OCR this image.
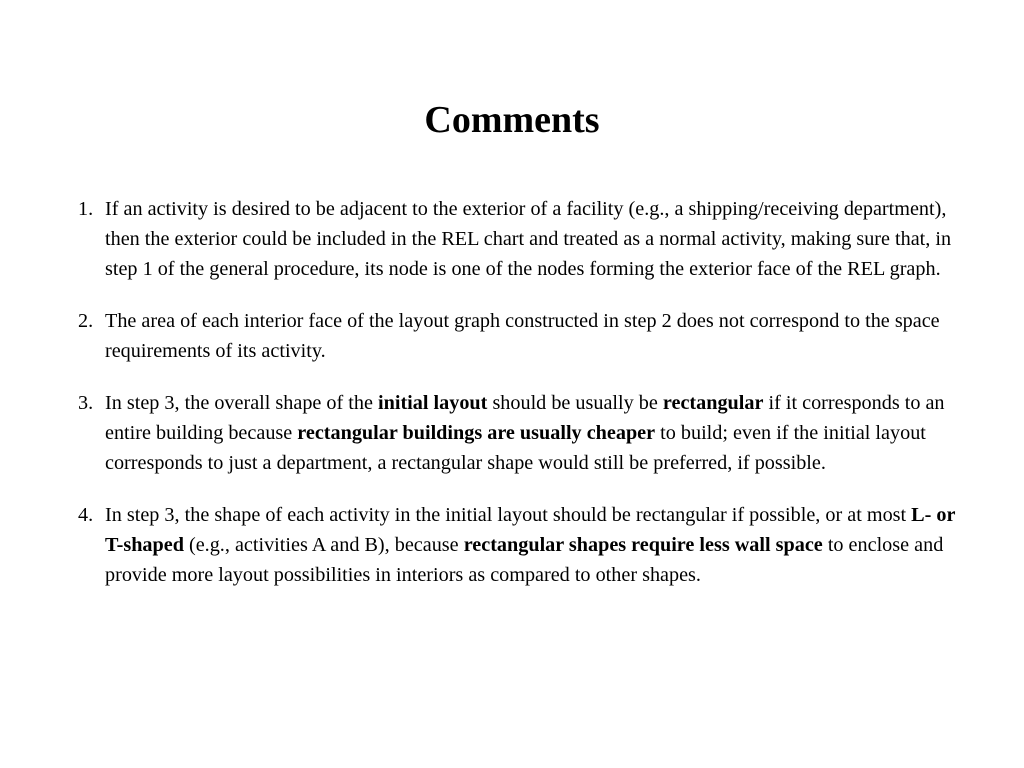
Comments
1. If an activity is desired to be adjacent to the exterior of a facility (e.g., a shipping/receiving department), then the exterior could be included in the REL chart and treated as a normal activity, making sure that, in step 1 of the general procedure, its node is one of the nodes forming the exterior face of the REL graph.
2. The area of each interior face of the layout graph constructed in step 2 does not correspond to the space requirements of its activity.
3. In step 3, the overall shape of the initial layout should be usually be rectangular if it corresponds to an entire building because rectangular buildings are usually cheaper to build; even if the initial layout corresponds to just a department, a rectangular shape would still be preferred, if possible.
4. In step 3, the shape of each activity in the initial layout should be rectangular if possible, or at most L- or T-shaped (e.g., activities A and B), because rectangular shapes require less wall space to enclose and provide more layout possibilities in interiors as compared to other shapes.
